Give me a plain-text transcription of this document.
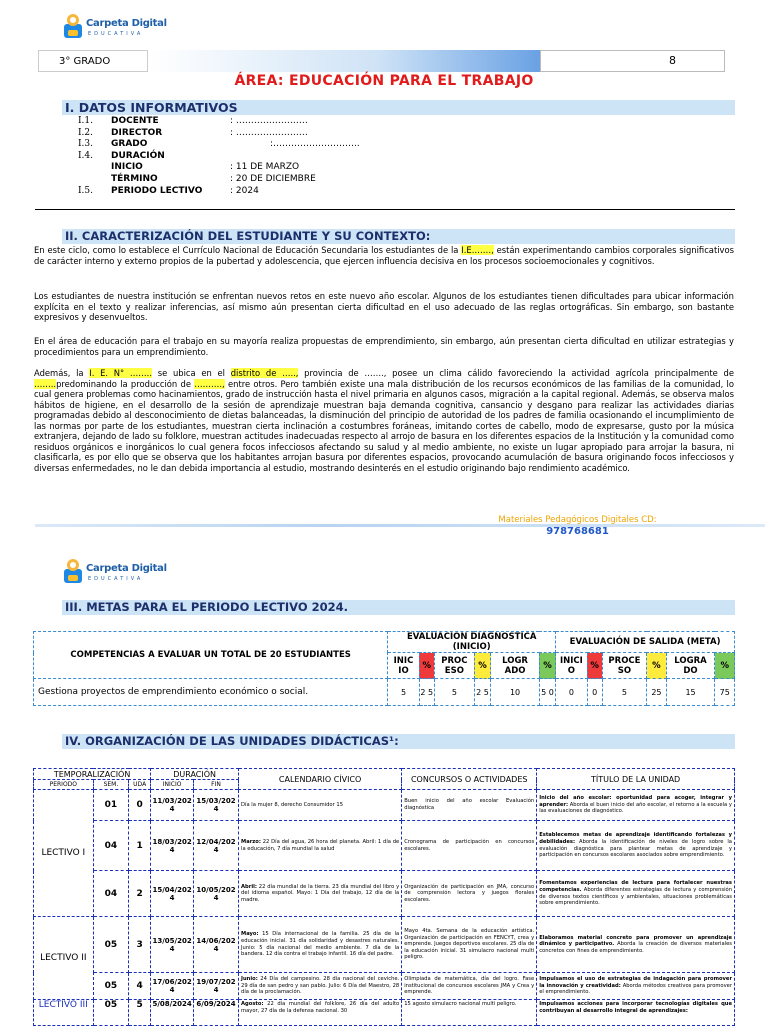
Carpeta Digital
EDUCATIVA
3° GRADO	8
ÁREA: EDUCACIÓN PARA EL TRABAJO
I. DATOS INFORMATIVOS
I.1.	DOCENTE	: ……………………
I.2.	DIRECTOR	: ……………………
I.3.	GRADO	:………………………..
I.4.	DURACIÓN
INICIO	: 11 DE MARZO
TÉRMINO	: 20 DE DICIEMBRE
I.5.	PERIODO LECTIVO	: 2024
II. CARACTERIZACIÓN DEL ESTUDIANTE Y SU CONTEXTO:

En este ciclo, como lo establece el Currículo Nacional de Educación Secundaria los estudiantes de la I.E.……, están experimentando cambios corporales significativos de carácter interno y externo propios de la pubertad y adolescencia, que ejercen influencia decisiva en los procesos socioemocionales y cognitivos.

Los estudiantes de nuestra institución se enfrentan nuevos retos en este nuevo año escolar. Algunos de los estudiantes tienen dificultades para ubicar información explícita en el texto y realizar inferencias, así mismo aún presentan cierta dificultad en el uso adecuado de las reglas ortográficas. Sin embargo, son bastante expresivos y desenvueltos.

En el área de educación para el trabajo en su mayoría realiza propuestas de emprendimiento, sin embargo, aún presentan cierta dificultad en utilizar estrategias y procedimientos para un emprendimiento.

Además, la I. E. N° …….. se ubica en el distrito de ….., provincia de ……., posee un clima cálido favoreciendo la actividad agrícola principalmente de ……..predominando la producción de ………., entre otros. Pero también existe una mala distribución de los recursos económicos de las familias de la comunidad, lo cual genera problemas como hacinamientos, grado de instrucción hasta el nivel primaria en algunos casos, migración a la capital regional. Además, se observa malos hábitos de higiene, en el desarrollo de la sesión de aprendizaje muestran baja demanda cognitiva, cansancio y desgano para realizar las actividades diarias programadas debido al desconocimiento de dietas balanceadas, la disminución del principio de autoridad de los padres de familia ocasionando el incumplimiento de las normas por parte de los estudiantes, muestran cierta inclinación a costumbres foráneas, imitando cortes de cabello, modo de expresarse, gusto por la música extranjera, dejando de lado su folklore, muestran actitudes inadecuadas respecto al arrojo de basura en los diferentes espacios de la Institución y la comunidad como residuos orgánicos e inorgánicos lo cual genera focos infecciosos afectando su salud y al medio ambiente, no existe un lugar apropiado para arrojar la basura, ni clasificarla, es por ello que se observa que los habitantes arrojan basura por diferentes espacios, provocando acumulación de basura originando focos infecciosos y diversas enfermedades, no le dan debida importancia al estudio, mostrando desinterés en el estudio originando bajo rendimiento académico.

Materiales Pedagógicos Digitales CD:
978768681
Carpeta Digital
EDUCATIVA
III. METAS PARA EL PERIODO LECTIVO 2024.
COMPETENCIAS A EVALUAR UN TOTAL DE 20 ESTUDIANTES	EVALUACION DIAGNOSTICA (INICIO)						EVALUACIÓN DE SALIDA (META)					
	INIC IO	%	PROC ESO	%	LOGR ADO	%	INICI O	%	PROCE SO	%	LOGRA DO	%
Gestiona proyectos de emprendimiento económico o social.	5	2 5	5	2 5	10	5 0	0	0	5	25	15	75
IV. ORGANIZACIÓN DE LAS UNIDADES DIDÁCTICAS¹:
TEMPORALIZACIÓN			DURACIÓN		CALENDARIO CÍVICO	CONCURSOS O ACTIVIDADES	TÍTULO DE LA UNIDAD
PERIODO	SEM.	UDA	INICIO	FIN			
LECTIVO I	01	0	11/03/202 4	15/03/202 4	Día la mujer 8, derecho Consumidor 15	Buen inicio del año escolar Evaluación diagnóstica	Inicio del año escolar: oportunidad para acoger, integrar y aprender: Aborda el buen inicio del año escolar, el retorno a la escuela y las evaluaciones de diagnóstico.
	04	1	18/03/202 4	12/04/202 4	Marzo: 22 Día del agua, 26 hora del planeta. Abril: 1 día de la educación, 7 día mundial la salud	Cronograma de participación en concursos escolares.	Establecemos metas de aprendizaje identificando fortalezas y debilidades: Aborda la identificación de niveles de logro sobre la evaluación diagnóstica para plantear metas de aprendizaje y participación en concursos escolares asociados sobre emprendimiento.
	04	2	15/04/202 4	10/05/202 4	Abril: 22 día mundial de la tierra. 23 día mundial del libro y del idioma español. Mayo: 1 Día del trabajo, 12 día de la madre.	Organización de participación en JMA, concurso de comprensión lectora y juegos florales escolares.	Fomentamos experiencias de lectura para fortalecer nuestras competencias. Aborda diferentes estrategias de lectura y comprensión de diversos textos científicos y ambientales, situaciones problemáticas sobre emprendimiento.
LECTIVO II	05	3	13/05/202 4	14/06/202 4	Mayo: 15 Día internacional de la familia. 25 día de la educación inicial. 31 día solidaridad y desastres naturales. Junio: 5 día nacional del medio ambiente. 7 día de la bandera. 12 día contra el trabajo infantil. 16 día del padre.	Mayo 4ta. Semana de la educación artística. Organización de participación en FENCYT, crea y emprende. Juegos deportivos escolares. 25 día de la educación inicial. 31 simulacro nacional multi peligro.	Elaboramos material concreto para promover un aprendizaje dinámico y participativo. Aborda la creación de diversos materiales concretos con fines de emprendimiento.
	05	4	17/06/202 4	19/07/202 4	Junio: 24 Día del campesino. 28 día nacional del ceviche. 29 día de san pedro y san pablo. Julio: 6 Día del Maestro, 28 día de la proclamación.	Olimpiada de matemática, día del logro. Fase institucional de concursos escolares JMA y Crea y emprende.	Impulsamos el uso de estrategias de indagación para promover la innovación y creatividad: Aborda métodos creativos para promover el emprendimiento.
LECTIVO III	05	5	5/08/2024	6/09/2024	Agosto: 22 día mundial del folklore, 26 día del adulto mayor, 27 día de la defensa nacional. 30	15 agosto simulacro nacional multi peligro.	Impulsamos acciones para incorporar tecnologías digitales que contribuyan al desarrollo integral de aprendizajes:
